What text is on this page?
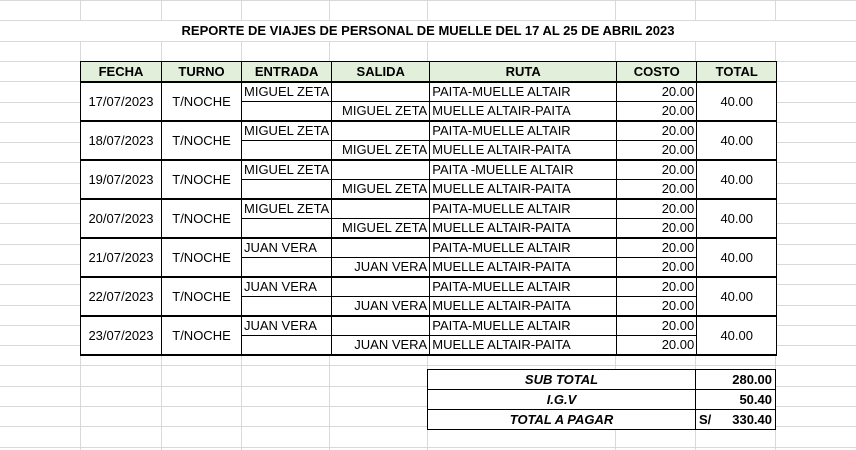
REPORTE DE VIAJES DE PERSONAL DE MUELLE DEL 17 AL 25 DE ABRIL 2023
FECHA	TURNO	ENTRADA	SALIDA	RUTA	COSTO	TOTAL
17/07/2023	T/NOCHE	MIGUEL ZETA		PAITA-MUELLE ALTAIR	20.00	40.00
			MIGUEL ZETA	MUELLE ALTAIR-PAITA	20.00	
18/07/2023	T/NOCHE	MIGUEL ZETA		PAITA-MUELLE ALTAIR	20.00	40.00
			MIGUEL ZETA	MUELLE ALTAIR-PAITA	20.00	
19/07/2023	T/NOCHE	MIGUEL ZETA		PAITA -MUELLE ALTAIR	20.00	40.00
			MIGUEL ZETA	MUELLE ALTAIR-PAITA	20.00	
20/07/2023	T/NOCHE	MIGUEL ZETA		PAITA-MUELLE ALTAIR	20.00	40.00
			MIGUEL ZETA	MUELLE ALTAIR-PAITA	20.00	
21/07/2023	T/NOCHE	JUAN VERA		PAITA-MUELLE ALTAIR	20.00	40.00
			JUAN VERA	MUELLE ALTAIR-PAITA	20.00	
22/07/2023	T/NOCHE	JUAN VERA		PAITA-MUELLE ALTAIR	20.00	40.00
			JUAN VERA	MUELLE ALTAIR-PAITA	20.00	
23/07/2023	T/NOCHE	JUAN VERA		PAITA-MUELLE ALTAIR	20.00	40.00
			JUAN VERA	MUELLE ALTAIR-PAITA	20.00	
SUB TOTAL	280.00
I.G.V	50.40
TOTAL A PAGAR	S/ 330.40
